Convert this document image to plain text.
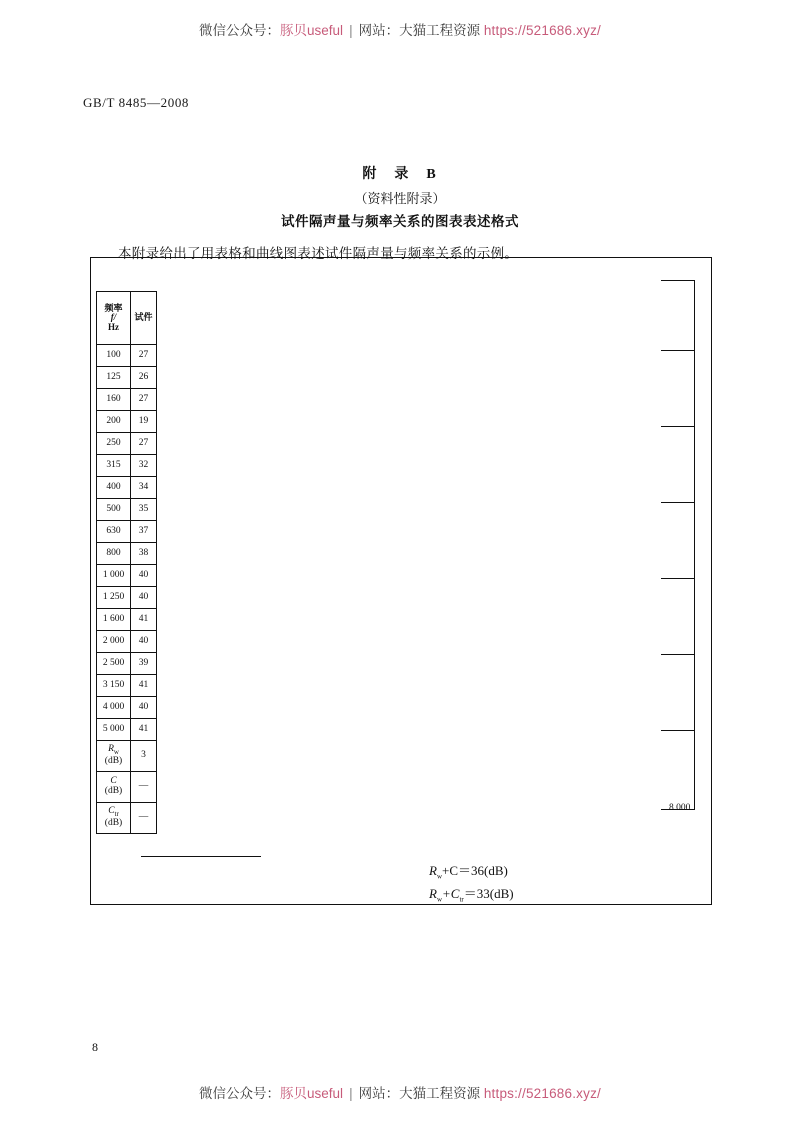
微信公众号：豚贝useful | 网站：大猫工程资源 https://521686.xyz/
GB/T 8485—2008
附　录　B
（资料性附录）
试件隔声量与频率关系的图表表述格式
本附录给出了用表格和曲线图表述试件隔声量与频率关系的示例。
频率
f/
Hz	试件
100	27
125	26
160	27
200	19
250	27
315	32
400	34
500	35
630	37
800	38
1 000	40
1 250	40
1 600	41
2 000	40
2 500	39
3 150	41
4 000	40
5 000	41

$R_w$
(dB)	3

C
(dB)	—

$C_{tr}$
(dB)	—
8 000
$R_w+C=36(dB)$
$R_w+C_{tr}=33(dB)$
8
微信公众号：豚贝useful | 网站：大猫工程资源 https://521686.xyz/
